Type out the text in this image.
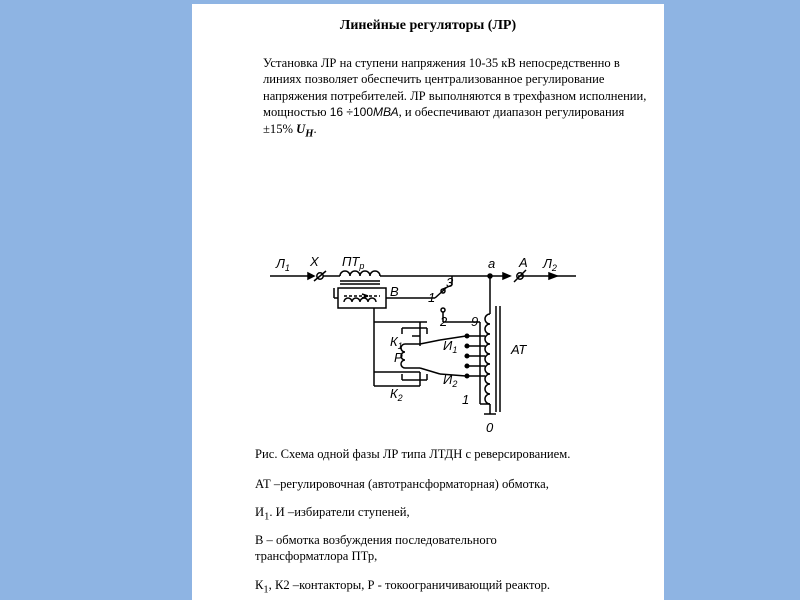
Линейные регуляторы (ЛР)
Установка ЛР на ступени напряжения 10-35 кВ непосредственно в линиях позволяет обеспечить централизованное регулирование напряжения потребителей. ЛР выполняются в трехфазном исполнении, мощностью 16 ÷100МВА, и обеспечивают диапазон регулирования ±15% $U_H$.
$Л_1$ Х $ПТ_р$	а А $Л_2$
В
3
1
2 9
$К_1$
Р
$И_1$	АТ
$И_2$
$К_2$	1
0
Рис. Схема одной фазы ЛР типа ЛТДН с реверсированием.
АТ –регулировочная (автотрансформаторная) обмотка,
$И_1$. И –избиратели ступеней,
В – обмотка возбуждения последовательного трансформатлора ПТр,
$К_1$, К2 –контакторы, Р - токоограничивающий реактор.
